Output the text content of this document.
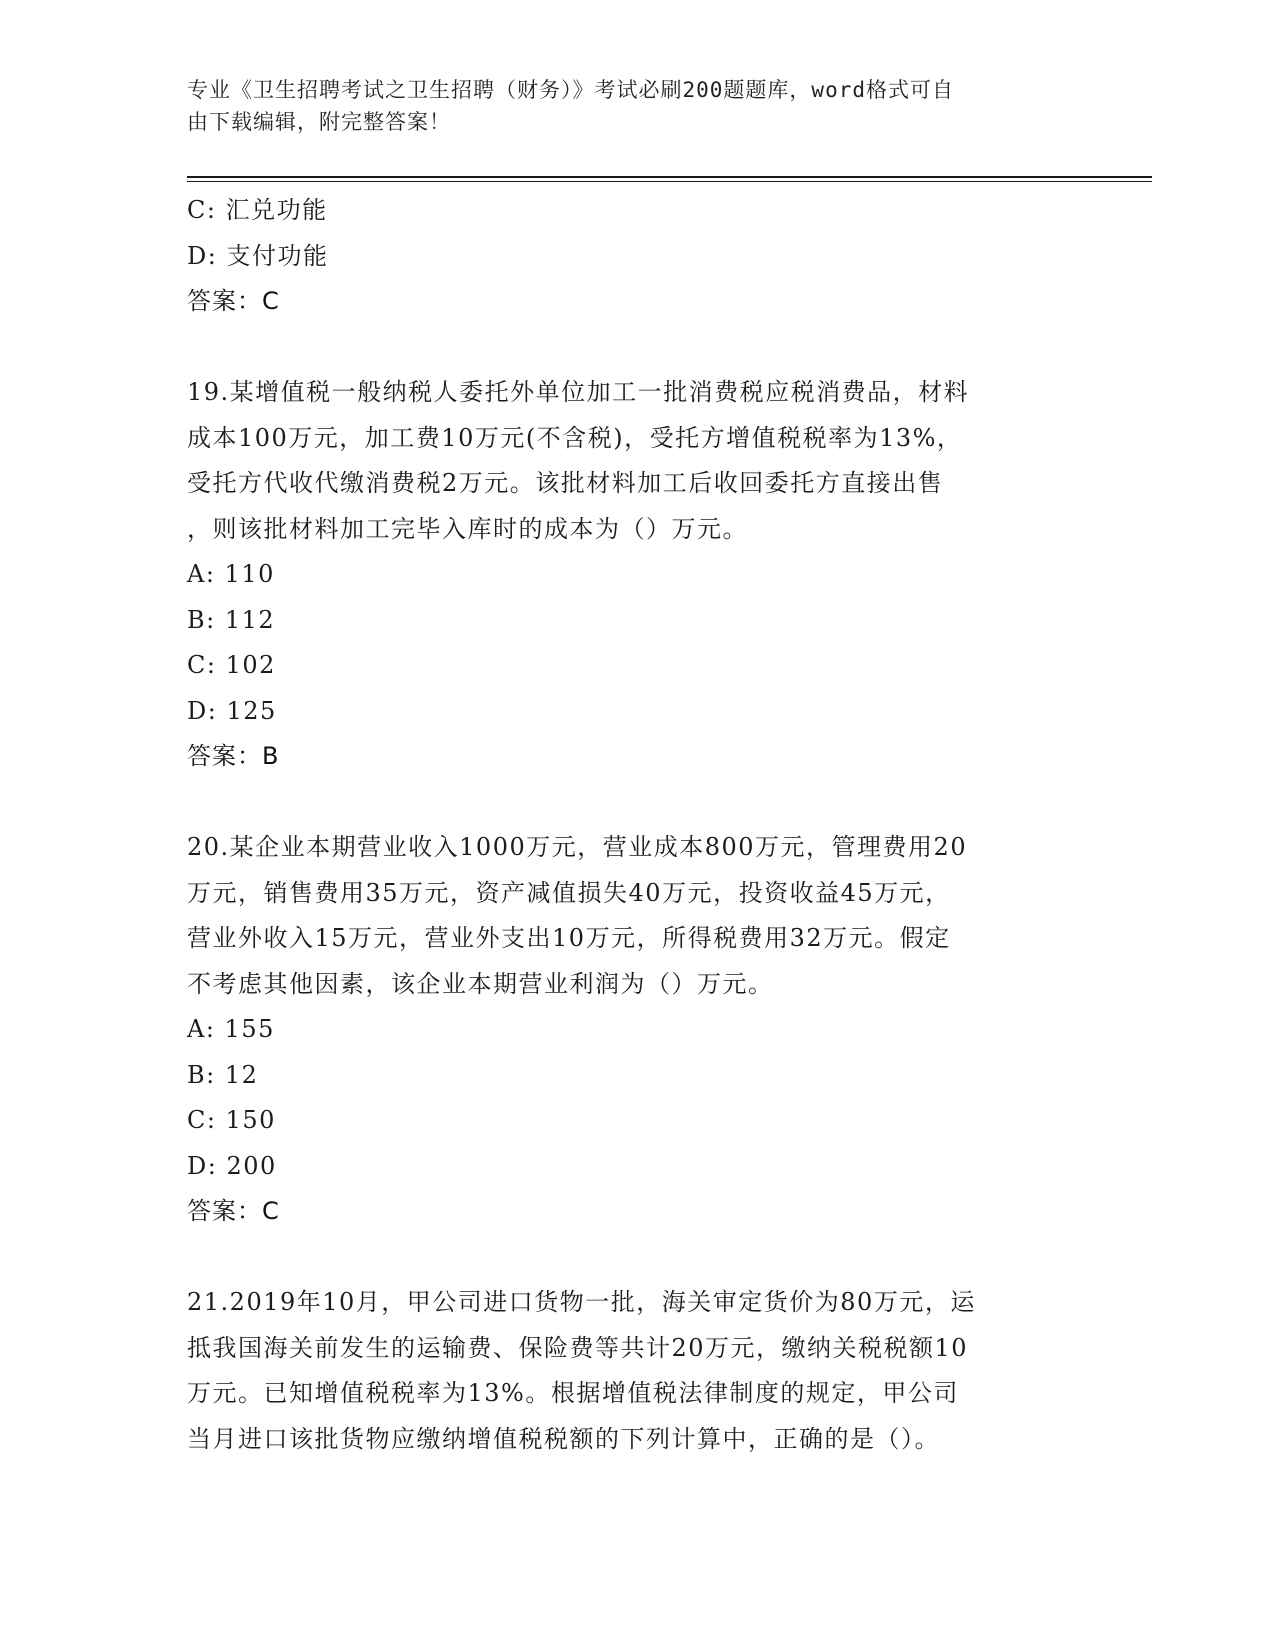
专业《卫生招聘考试之卫生招聘（财务）》考试必刷200题题库，word格式可自
由下载编辑，附完整答案！
C: 汇兑功能
D: 支付功能
答案：C
19.某增值税一般纳税人委托外单位加工一批消费税应税消费品，材料
成本100万元，加工费10万元(不含税)，受托方增值税税率为13%，
受托方代收代缴消费税2万元。该批材料加工后收回委托方直接出售
，则该批材料加工完毕入库时的成本为（）万元。
A: 110
B: 112
C: 102
D: 125
答案：B
20.某企业本期营业收入1000万元，营业成本800万元，管理费用20
万元，销售费用35万元，资产减值损失40万元，投资收益45万元，
营业外收入15万元，营业外支出10万元，所得税费用32万元。假定
不考虑其他因素，该企业本期营业利润为（）万元。
A: 155
B: 12
C: 150
D: 200
答案：C
21.2019年10月，甲公司进口货物一批，海关审定货价为80万元，运
抵我国海关前发生的运输费、保险费等共计20万元，缴纳关税税额10
万元。已知增值税税率为13%。根据增值税法律制度的规定，甲公司
当月进口该批货物应缴纳增值税税额的下列计算中，正确的是（）。
